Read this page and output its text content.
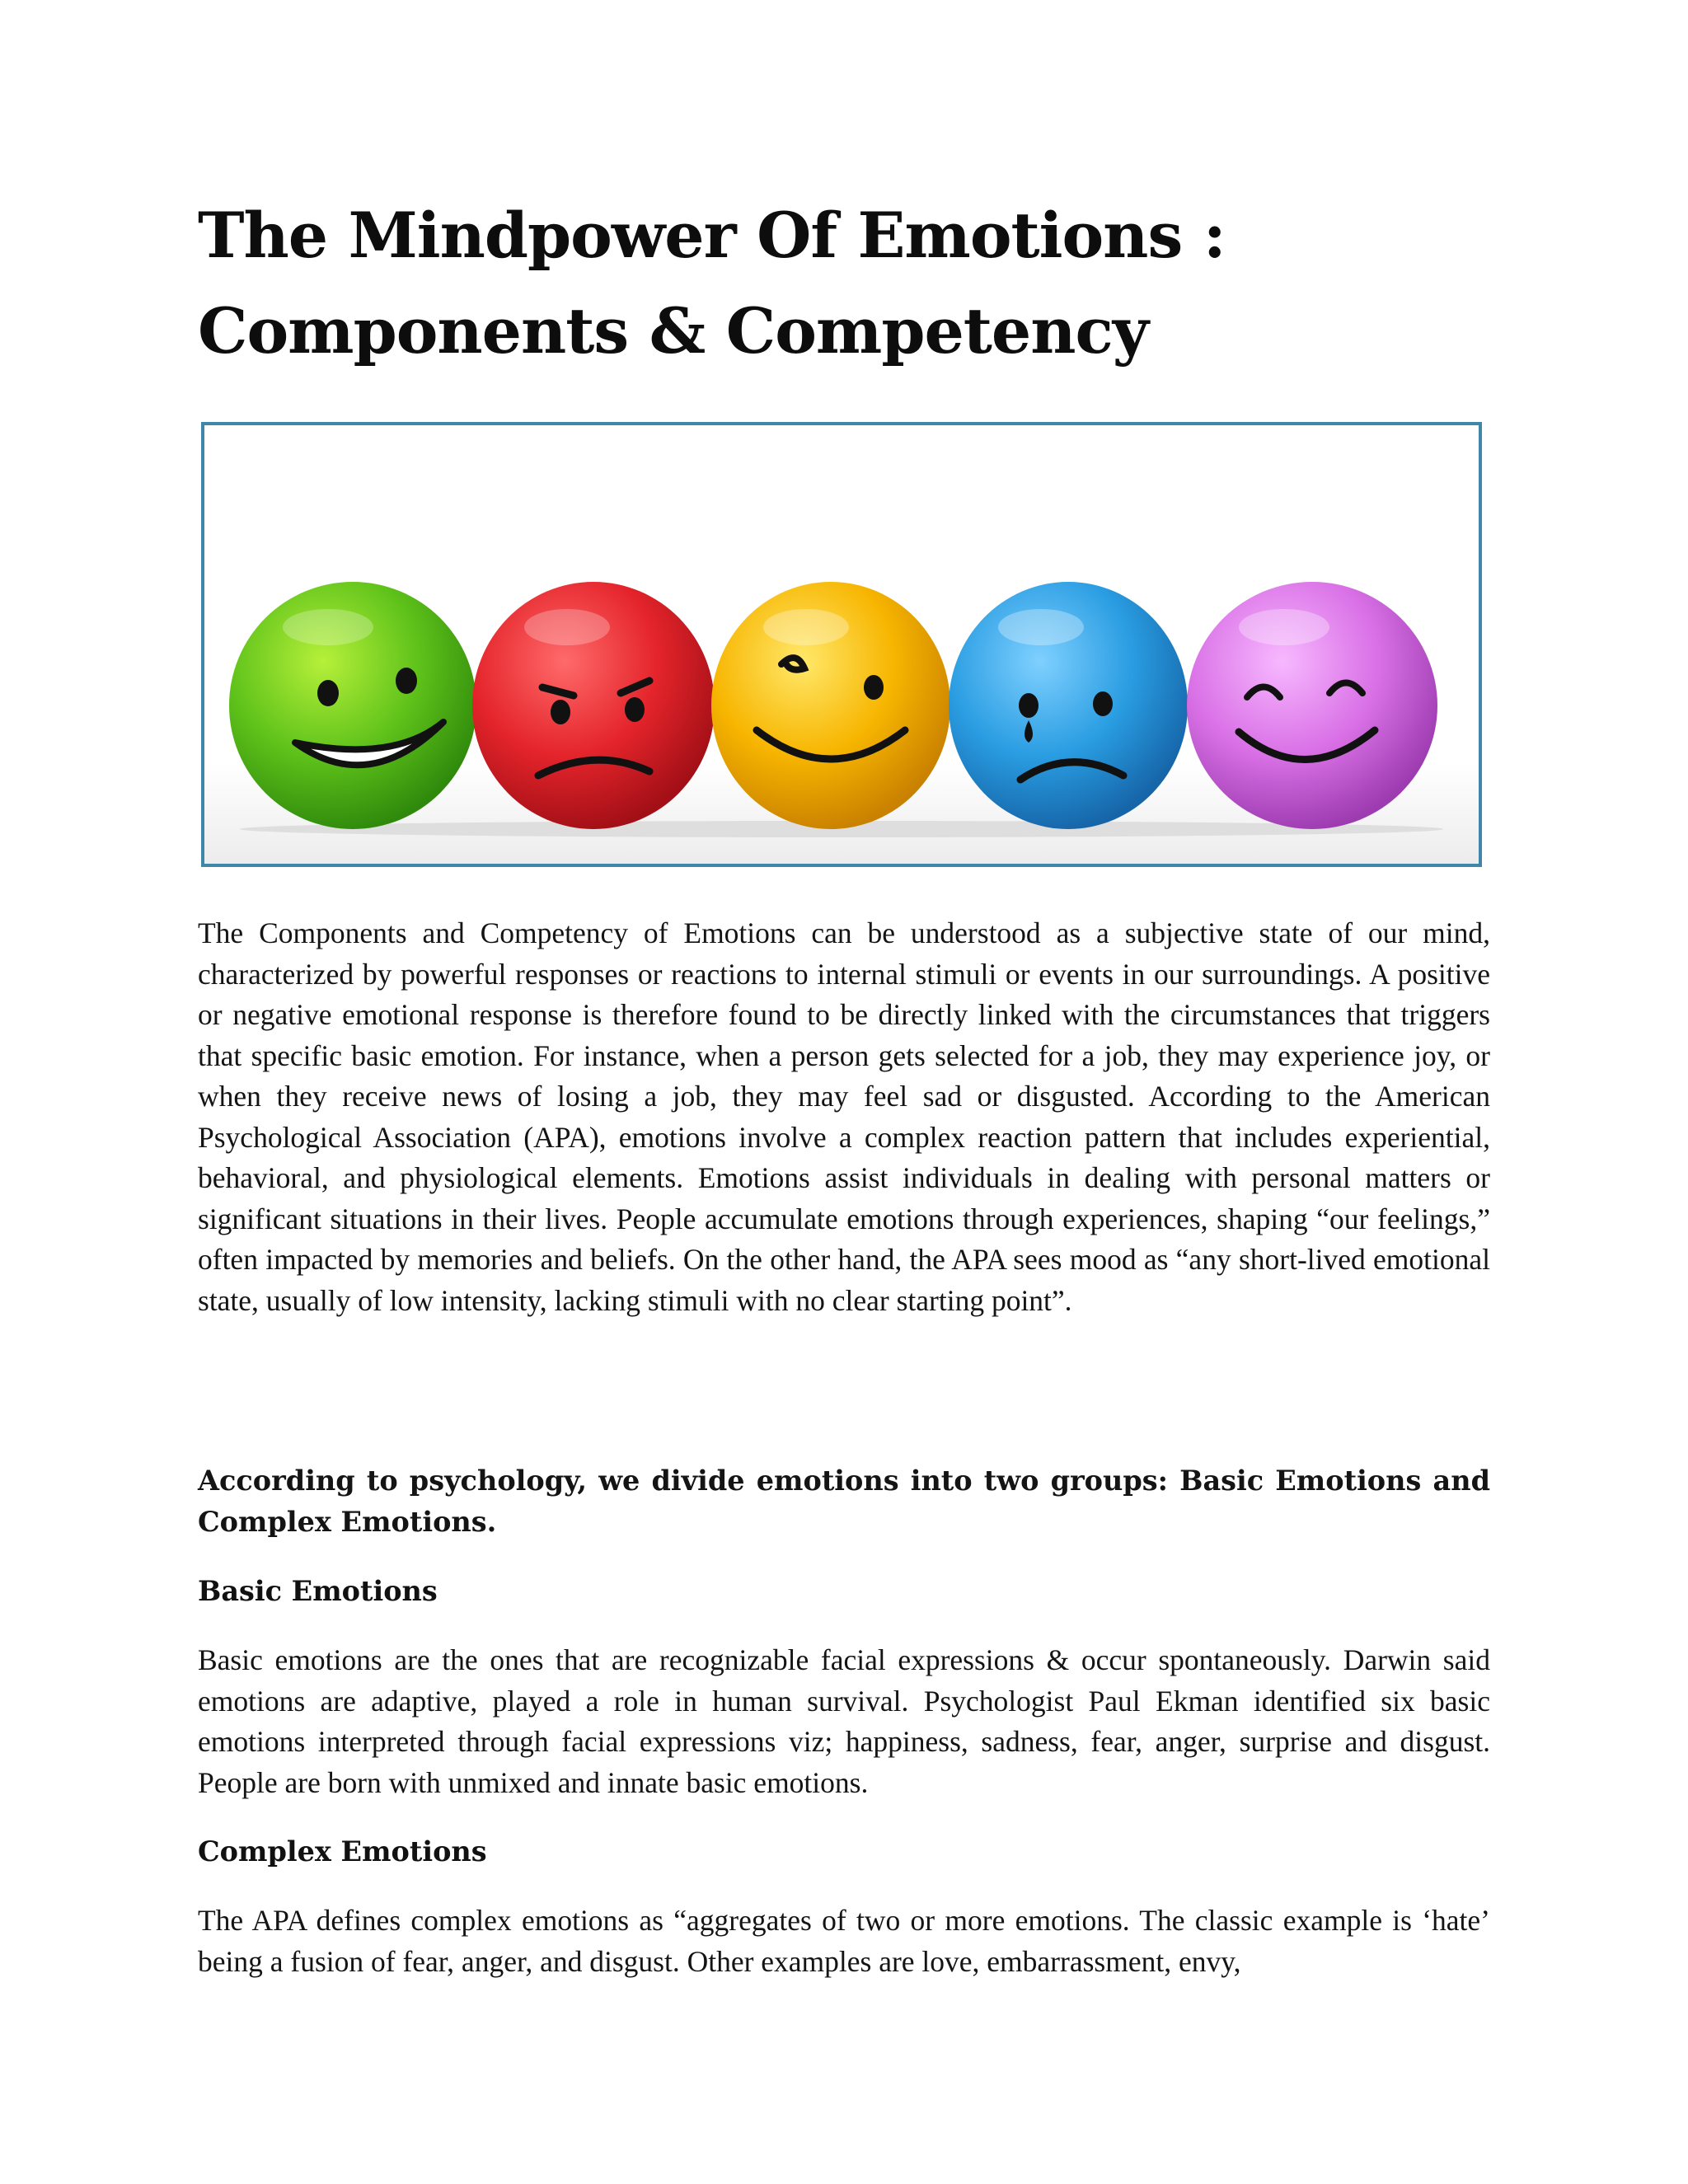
The Mindpower Of Emotions :
Components & Competency

The Components and Competency of Emotions can be understood as a subjective state of our mind, characterized by powerful responses or reactions to internal stimuli or events in our surroundings. A positive or negative emotional response is therefore found to be directly linked with the circumstances that triggers that specific basic emotion. For instance, when a person gets selected for a job, they may experience joy, or when they receive news of losing a job, they may feel sad or disgusted. According to the American Psychological Association (APA), emotions involve a complex reaction pattern that includes experiential, behavioral, and physiological elements. Emotions assist individuals in dealing with personal matters or significant situations in their lives. People accumulate emotions through experiences, shaping “our feelings,” often impacted by memories and beliefs. On the other hand, the APA sees mood as “any short-lived emotional state, usually of low intensity, lacking stimuli with no clear starting point”.

According to psychology, we divide emotions into two groups: Basic Emotions and Complex Emotions.

Basic Emotions

Basic emotions are the ones that are recognizable facial expressions & occur spontaneously. Darwin said emotions are adaptive, played a role in human survival. Psychologist Paul Ekman identified six basic emotions interpreted through facial expressions viz; happiness, sadness, fear, anger, surprise and disgust. People are born with unmixed and innate basic emotions.

Complex Emotions

The APA defines complex emotions as “aggregates of two or more emotions. The classic example is ‘hate’ being a fusion of fear, anger, and disgust. Other examples are love, embarrassment, envy,
